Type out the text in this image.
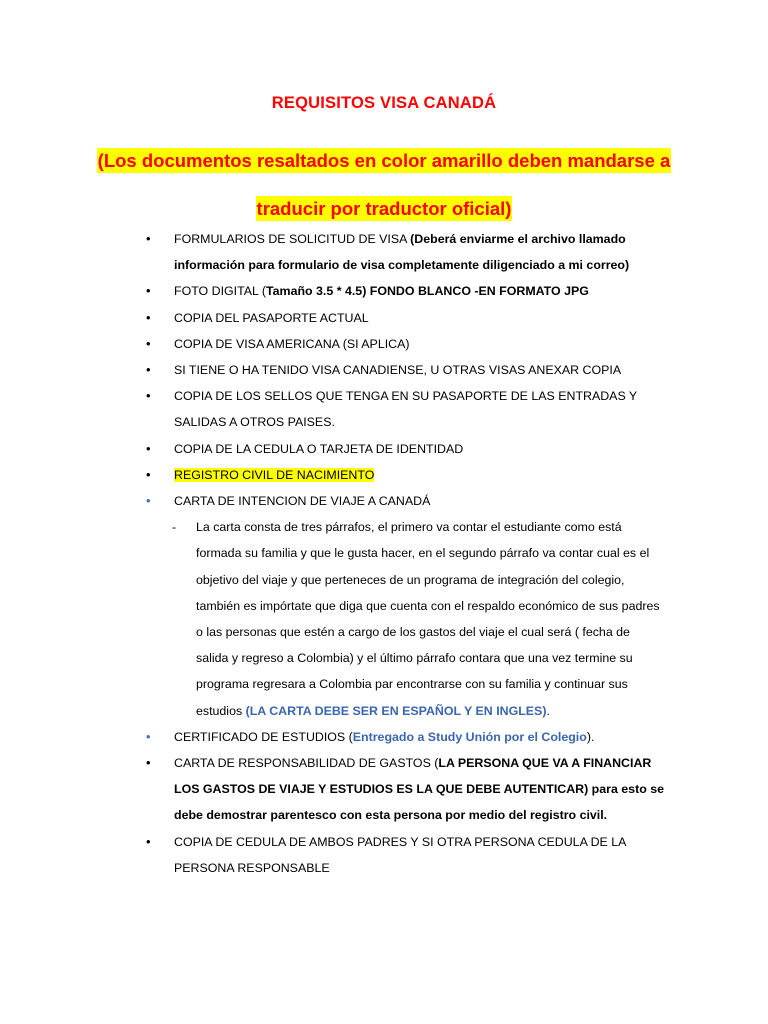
REQUISITOS VISA CANADÁ

(Los documentos resaltados en color amarillo deben mandarse a

traducir por traductor oficial)

• FORMULARIOS DE SOLICITUD DE VISA (Deberá enviarme el archivo llamado información para formulario de visa completamente diligenciado a mi correo)
• FOTO DIGITAL (Tamaño 3.5 * 4.5) FONDO BLANCO -EN FORMATO JPG
• COPIA DEL PASAPORTE ACTUAL
• COPIA DE VISA AMERICANA (SI APLICA)
• SI TIENE O HA TENIDO VISA CANADIENSE, U OTRAS VISAS ANEXAR COPIA
• COPIA DE LOS SELLOS QUE TENGA EN SU PASAPORTE DE LAS ENTRADAS Y SALIDAS A OTROS PAISES.
• COPIA DE LA CEDULA O TARJETA DE IDENTIDAD
• REGISTRO CIVIL DE NACIMIENTO
• CARTA DE INTENCION DE VIAJE A CANADÁ
- La carta consta de tres párrafos, el primero va contar el estudiante como está formada su familia y que le gusta hacer, en el segundo párrafo va contar cual es el objetivo del viaje y que perteneces de un programa de integración del colegio, también es impórtate que diga que cuenta con el respaldo económico de sus padres o las personas que estén a cargo de los gastos del viaje el cual será ( fecha de salida y regreso a Colombia) y el último párrafo contara que una vez termine su programa regresara a Colombia par encontrarse con su familia y continuar sus estudios (LA CARTA DEBE SER EN ESPAÑOL Y EN INGLES).
• CERTIFICADO DE ESTUDIOS (Entregado a Study Unión por el Colegio).
• CARTA DE RESPONSABILIDAD DE GASTOS (LA PERSONA QUE VA A FINANCIAR LOS GASTOS DE VIAJE Y ESTUDIOS ES LA QUE DEBE AUTENTICAR) para esto se debe demostrar parentesco con esta persona por medio del registro civil.
• COPIA DE CEDULA DE AMBOS PADRES Y SI OTRA PERSONA CEDULA DE LA PERSONA RESPONSABLE
